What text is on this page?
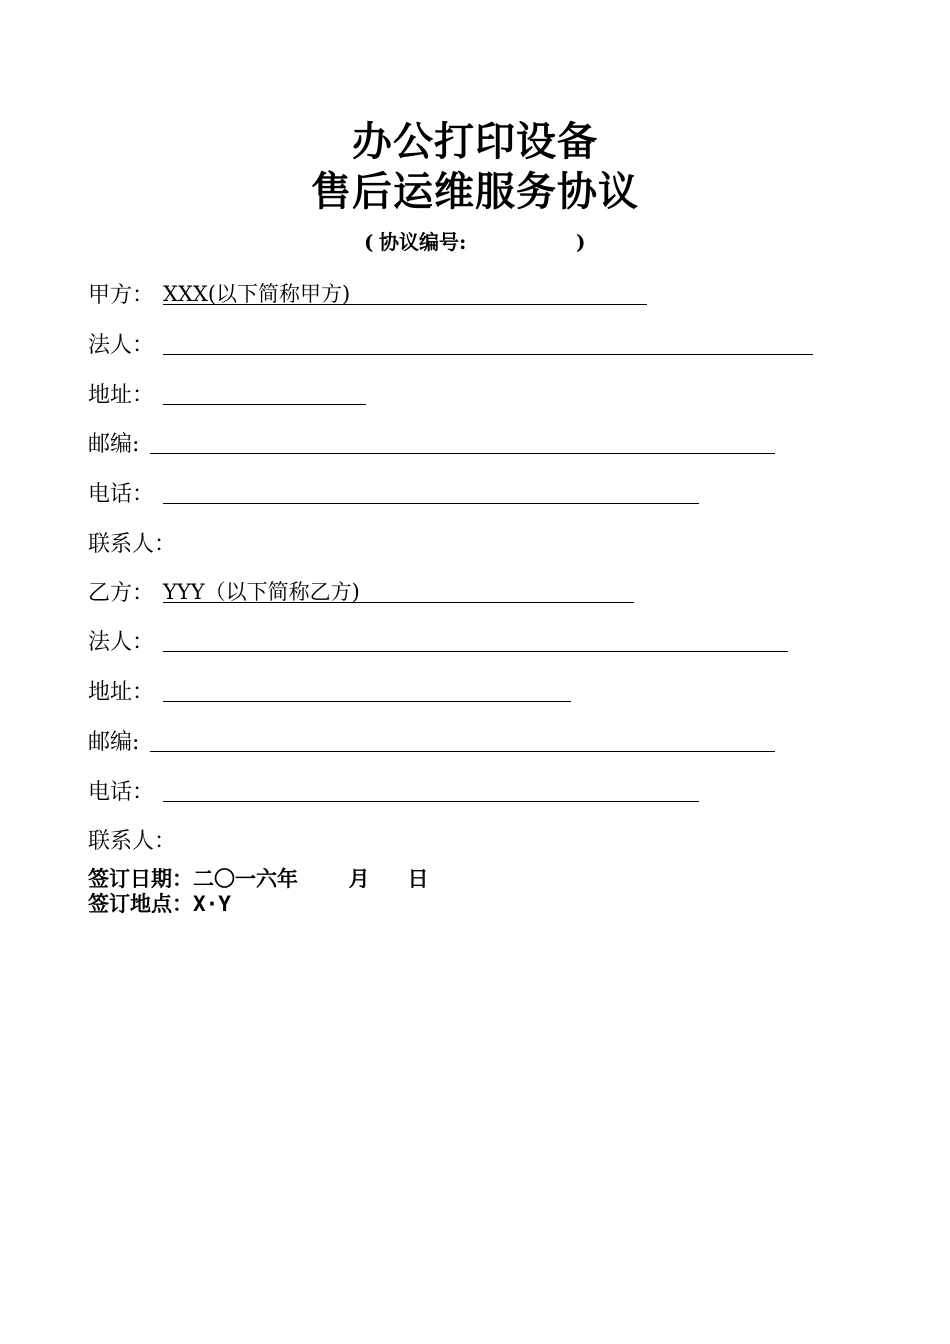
办公打印设备
售后运维服务协议
( 协议编号:	)
甲方： XXX(以下简称甲方)
法人：
地址：
邮编:
电话：
联系人：
乙方： YYY（以下简称乙方)
法人：
地址：
邮编:
电话：
联系人：
签订日期：二〇一六年    月   日
签订地点：X·Y
